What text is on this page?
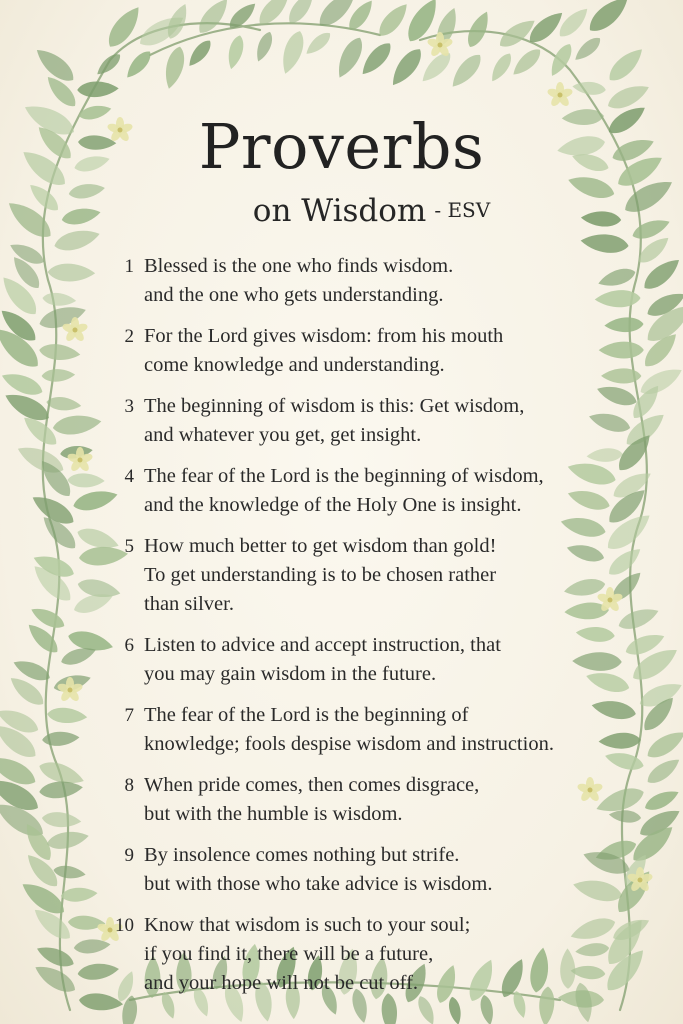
Proverbs
on Wisdom - ESV
1 Blessed is the one who finds wisdom.
and the one who gets understanding.
2 For the Lord gives wisdom: from his mouth
come knowledge and understanding.
3 The beginning of wisdom is this: Get wisdom,
and whatever you get, get insight.
4 The fear of the Lord is the beginning of wisdom,
and the knowledge of the Holy One is insight.
5 How much better to get wisdom than gold!
To get understanding is to be chosen rather
than silver.
6 Listen to advice and accept instruction, that
you may gain wisdom in the future.
7 The fear of the Lord is the beginning of
knowledge; fools despise wisdom and instruction.
8 When pride comes, then comes disgrace,
but with the humble is wisdom.
9 By insolence comes nothing but strife.
but with those who take advice is wisdom.
10 Know that wisdom is such to your soul;
if you find it, there will be a future,
and your hope will not be cut off.
